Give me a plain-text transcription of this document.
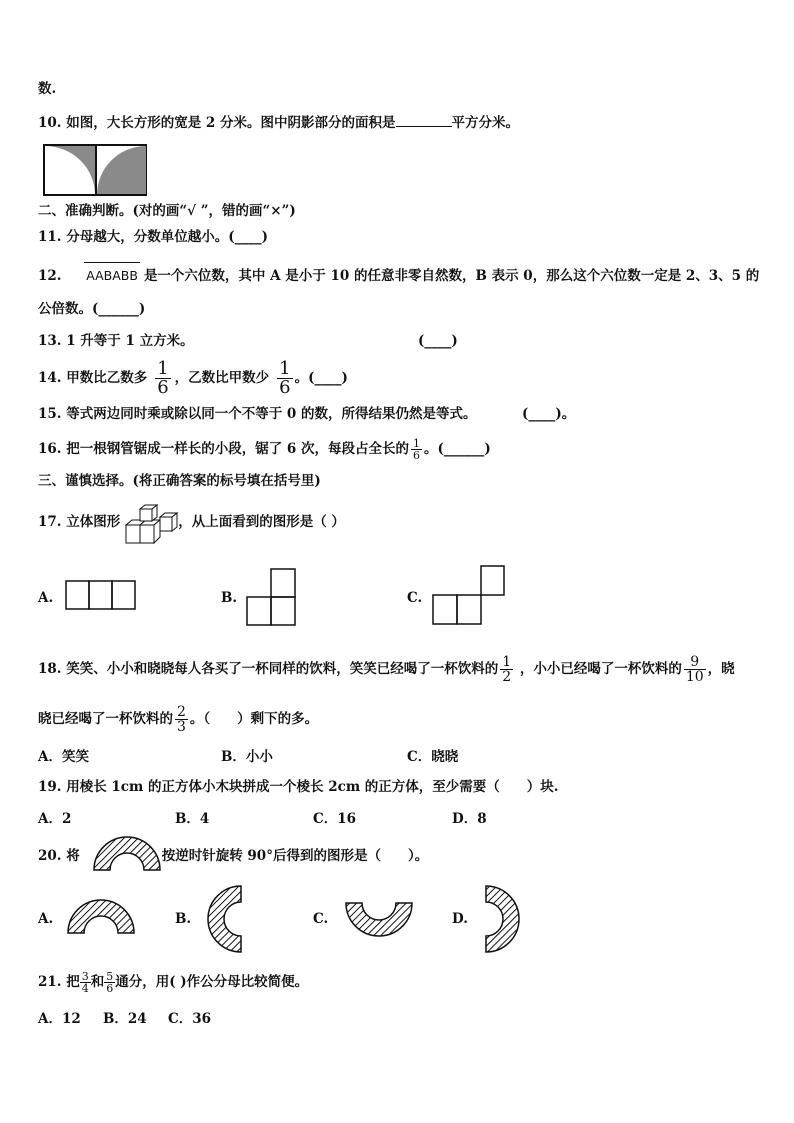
数.
10. 如图，大长方形的宽是 2 分米。图中阴影部分的面积是	平方分米。
二、准确判断。(对的画“√ ”，错的画“×”)
11. 分母越大，分数单位越小。(____)
12. AABABB 是一个六位数，其中 A 是小于 10 的任意非零自然数，B 表示 0，那么这个六位数一定是 2、3、5 的
公倍数。(______)
13. 1 升等于 1 立方米。	(____)
14.
甲数比乙数多 $\frac{1}{6}$ ，乙数比甲数少 $\frac{1}{6}$ 。(____)
15. 等式两边同时乘或除以同一个不等于 0 的数，所得结果仍然是等式。	(____)。
16.
把一根钢管锯成一样长的小段，锯了 6 次，每段占全长的 $\frac{1}{6}$ 。(______)
三、谨慎选择。(将正确答案的标号填在括号里)
17. 立体图形	，从上面看到的图形是（ ）
A.	B.	C.
18.
笑笑、小小和晓晓每人各买了一杯同样的饮料，笑笑已经喝了一杯饮料的 $\frac{1}{2}$
，小小已经喝了一杯饮料的 $\frac{9}{10}$ ，晓
晓已经喝了一杯饮料的 $\frac{2}{3}$ 。（　　）剩下的多。
A．笑笑	B．小小	C．晓晓
19. 用棱长 1cm 的正方体小木块拼成一个棱长 2cm 的正方体，至少需要（　　）块.
A．2	B．4	C．16	D．8
20. 将	按逆时针旋转 90°后得到的图形是（　　）。
A.	B.	C.	D.
21.
把 $\frac{3}{4}$ 和 $\frac{5}{6}$ 通分，用( )作公分母比较简便。
A．12 B．24 C．36
